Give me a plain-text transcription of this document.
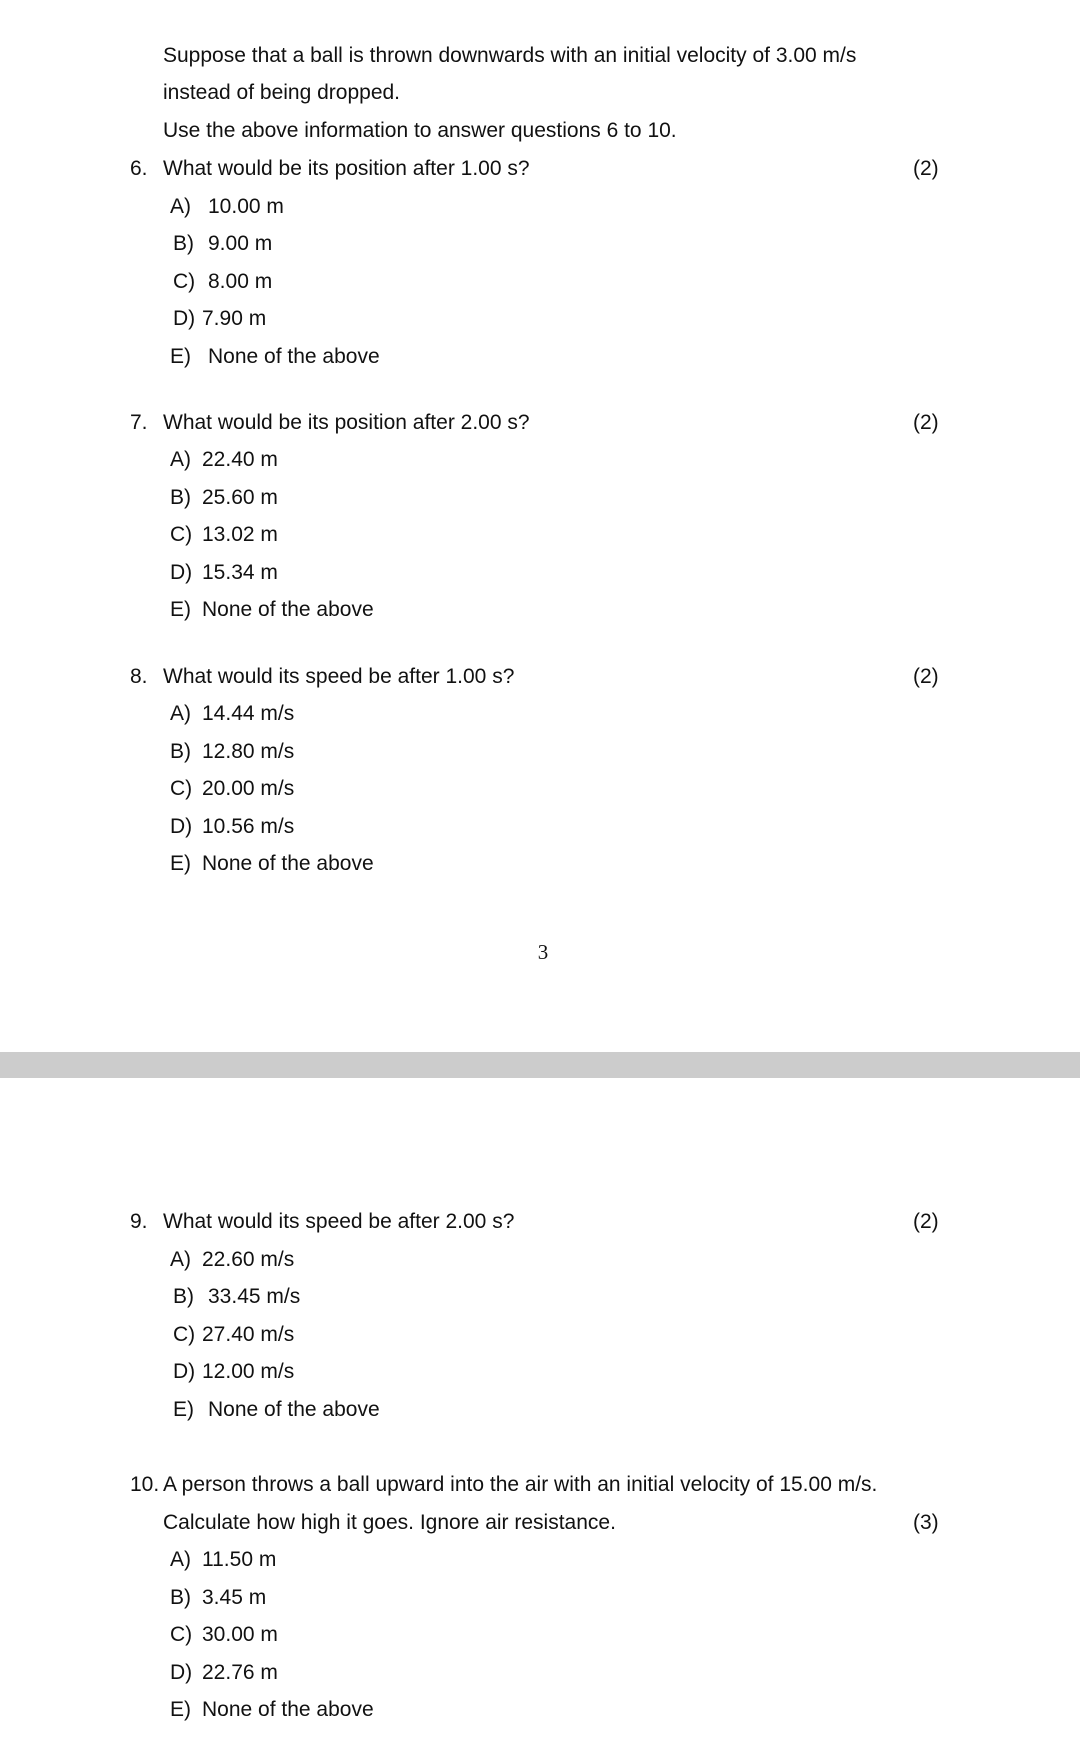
Suppose that a ball is thrown downwards with an initial velocity of 3.00 m/s
instead of being dropped.
Use the above information to answer questions 6 to 10.
6. What would be its position after 1.00 s?	(2)
A) 10.00 m
B) 9.00 m
C) 8.00 m
D) 7.90 m
E) None of the above
7. What would be its position after 2.00 s?	(2)
A) 22.40 m
B) 25.60 m
C) 13.02 m
D) 15.34 m
E) None of the above
8. What would its speed be after 1.00 s?	(2)
A) 14.44 m/s
B) 12.80 m/s
C) 20.00 m/s
D) 10.56 m/s
E) None of the above
3
9. What would its speed be after 2.00 s?	(2)
A) 22.60 m/s
B) 33.45 m/s
C) 27.40 m/s
D) 12.00 m/s
E) None of the above
10. A person throws a ball upward into the air with an initial velocity of 15.00 m/s.
Calculate how high it goes. Ignore air resistance.	(3)
A) 11.50 m
B) 3.45 m
C) 30.00 m
D) 22.76 m
E) None of the above
